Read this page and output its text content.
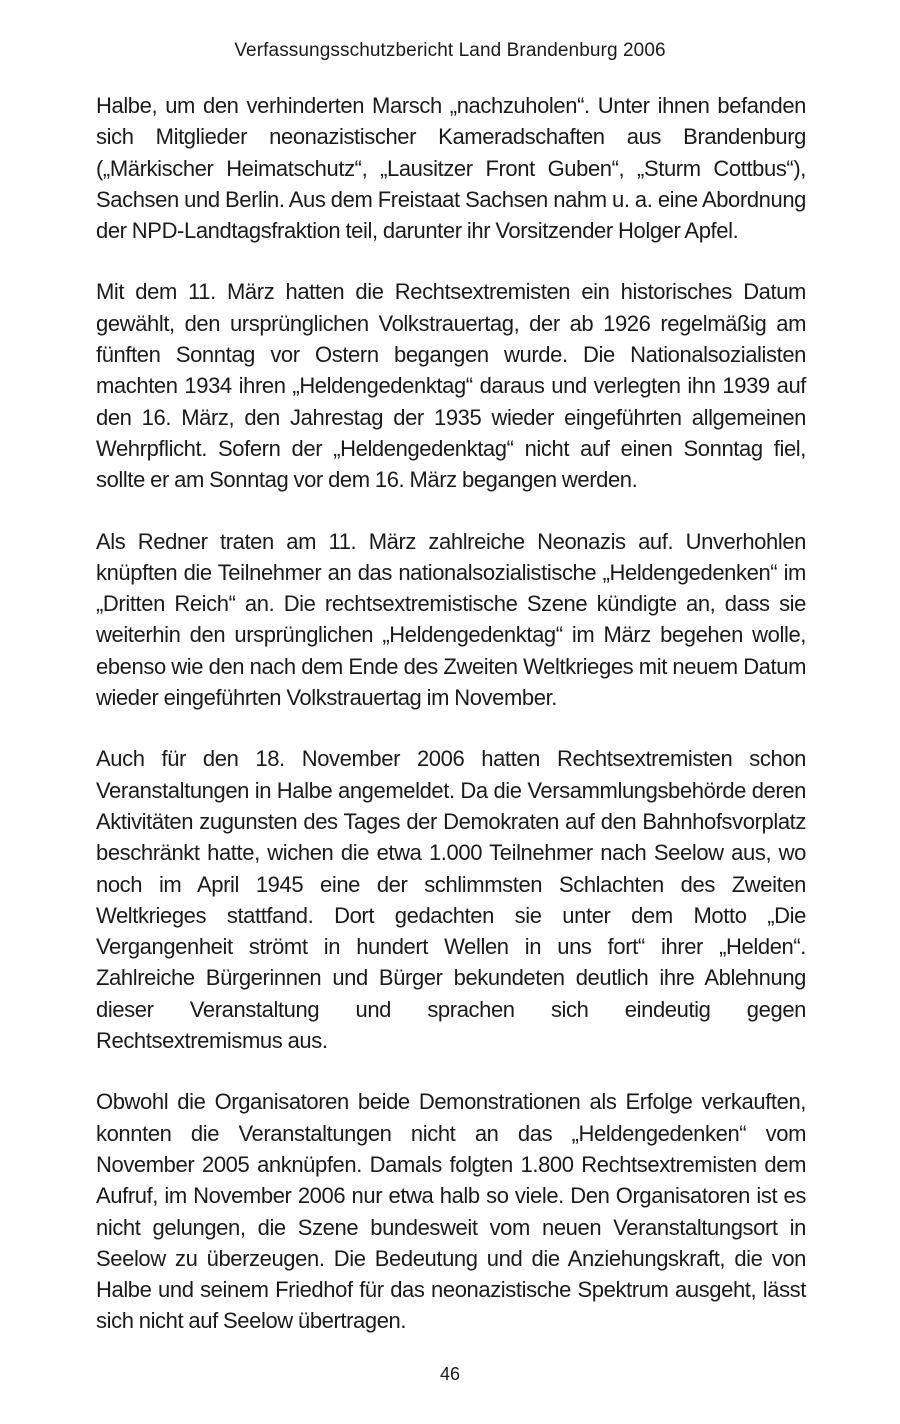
Verfassungsschutzbericht Land Brandenburg 2006

Halbe, um den verhinderten Marsch „nachzuholen“. Unter ihnen befanden sich Mitglieder neonazistischer Kameradschaften aus Brandenburg („Märkischer Heimatschutz“, „Lausitzer Front Guben“, „Sturm Cottbus“), Sachsen und Berlin. Aus dem Freistaat Sachsen nahm u. a. eine Abordnung der NPD-Landtagsfraktion teil, darunter ihr Vorsitzender Holger Apfel.

Mit dem 11. März hatten die Rechtsextremisten ein historisches Datum gewählt, den ursprünglichen Volkstrauertag, der ab 1926 regelmäßig am fünften Sonntag vor Ostern begangen wurde. Die Nationalsozialisten machten 1934 ihren „Heldengedenktag“ daraus und verlegten ihn 1939 auf den 16. März, den Jahrestag der 1935 wieder eingeführten allgemeinen Wehrpflicht. Sofern der „Heldengedenktag“ nicht auf einen Sonntag fiel, sollte er am Sonntag vor dem 16. März begangen werden.

Als Redner traten am 11. März zahlreiche Neonazis auf. Unverhohlen knüpften die Teilnehmer an das nationalsozialistische „Heldengedenken“ im „Dritten Reich“ an. Die rechtsextremistische Szene kündigte an, dass sie weiterhin den ursprünglichen „Heldengedenktag“ im März begehen wolle, ebenso wie den nach dem Ende des Zweiten Weltkrieges mit neuem Datum wieder eingeführten Volkstrauertag im November.

Auch für den 18. November 2006 hatten Rechtsextremisten schon Veranstaltungen in Halbe angemeldet. Da die Versammlungsbehörde deren Aktivitäten zugunsten des Tages der Demokraten auf den Bahnhofsvorplatz beschränkt hatte, wichen die etwa 1.000 Teilnehmer nach Seelow aus, wo noch im April 1945 eine der schlimmsten Schlachten des Zweiten Weltkrieges stattfand. Dort gedachten sie unter dem Motto „Die Vergangenheit strömt in hundert Wellen in uns fort“ ihrer „Helden“. Zahlreiche Bürgerinnen und Bürger bekundeten deutlich ihre Ablehnung dieser Veranstaltung und sprachen sich eindeutig gegen Rechtsextremismus aus.

Obwohl die Organisatoren beide Demonstrationen als Erfolge verkauften, konnten die Veranstaltungen nicht an das „Heldengedenken“ vom November 2005 anknüpfen. Damals folgten 1.800 Rechtsextremisten dem Aufruf, im November 2006 nur etwa halb so viele. Den Organisatoren ist es nicht gelungen, die Szene bundesweit vom neuen Veranstaltungsort in Seelow zu überzeugen. Die Bedeutung und die Anziehungskraft, die von Halbe und seinem Friedhof für das neonazistische Spektrum ausgeht, lässt sich nicht auf Seelow übertragen.

46
